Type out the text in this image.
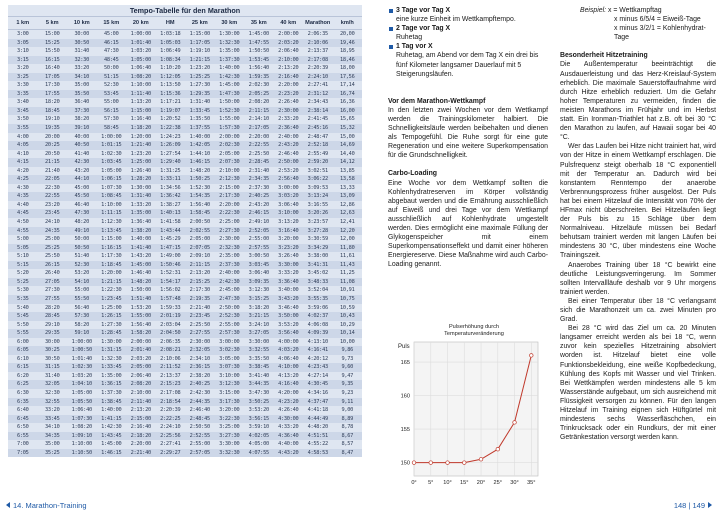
Tempo-Tabelle für den Marathon
1 km	5 km	10 km	15 km	20 km	HM	25 km	30 km	35 km	40 km	Marathon	km/h
3:00	15:00	30:00	45:00	1:00:00	1:03:18	1:15:00	1:30:00	1:45:00	2:00:00	2:06:35	20,00
3:05	15:25	30:50	46:15	1:01:40	1:05:03	1:17:05	1:32:30	1:47:55	2:03:20	2:10:06	19,46
3:10	15:50	31:40	47:30	1:03:20	1:06:49	1:19:10	1:35:00	1:50:50	2:06:40	2:13:37	18,95
3:15	16:15	32:30	48:45	1:05:00	1:08:34	1:21:15	1:37:30	1:53:45	2:10:00	2:17:08	18,46
3:20	16:40	33:20	50:00	1:06:40	1:10:20	1:23:20	1:40:00	1:56:40	2:13:20	2:20:39	18,00
3:25	17:05	34:10	51:15	1:08:20	1:12:05	1:25:25	1:42:30	1:59:35	2:16:40	2:24:10	17,56
3:30	17:30	35:00	52:30	1:10:00	1:13:50	1:27:30	1:45:00	2:02:30	2:20:00	2:27:41	17,14
3:35	17:55	35:50	53:45	1:11:40	1:15:36	1:29:35	1:47:30	2:05:25	2:23:20	2:31:12	16,74
3:40	18:20	36:40	55:00	1:13:20	1:17:21	1:31:40	1:50:00	2:08:20	2:26:40	2:34:43	16,36
3:45	18:45	37:30	56:15	1:15:00	1:19:07	1:33:45	1:52:30	2:11:15	2:30:00	2:38:14	16,00
3:50	19:10	38:20	57:30	1:16:40	1:20:52	1:35:50	1:55:00	2:14:10	2:33:20	2:41:45	15,65
3:55	19:35	39:10	58:45	1:18:20	1:22:38	1:37:55	1:57:30	2:17:05	2:36:40	2:45:16	15,32
4:00	20:00	40:00	1:00:00	1:20:00	1:24:23	1:40:00	2:00:00	2:20:00	2:40:00	2:48:47	15,00
4:05	20:25	40:50	1:01:15	1:21:40	1:26:09	1:42:05	2:02:30	2:22:55	2:43:20	2:52:18	14,69
4:10	20:50	41:40	1:02:30	1:23:20	1:27:54	1:44:10	2:05:00	2:25:50	2:46:40	2:55:49	14,40
4:15	21:15	42:30	1:03:45	1:25:00	1:29:40	1:46:15	2:07:30	2:28:45	2:50:00	2:59:20	14,12
4:20	21:40	43:20	1:05:00	1:26:40	1:31:25	1:48:20	2:10:00	2:31:40	2:53:20	3:02:51	13,85
4:25	22:05	44:10	1:06:15	1:28:20	1:33:11	1:50:25	2:12:30	2:34:35	2:56:40	3:06:22	13,58
4:30	22:30	45:00	1:07:30	1:30:00	1:34:56	1:52:30	2:15:00	2:37:30	3:00:00	3:09:53	13,33
4:35	22:55	45:50	1:08:45	1:31:40	1:36:42	1:54:35	2:17:30	2:40:25	3:03:20	3:13:24	13,09
4:40	23:20	46:40	1:10:00	1:33:20	1:38:27	1:56:40	2:20:00	2:43:20	3:06:40	3:16:55	12,86
4:45	23:45	47:30	1:11:15	1:35:00	1:40:13	1:58:45	2:22:30	2:46:15	3:10:00	3:20:26	12,63
4:50	24:10	48:20	1:12:30	1:36:40	1:41:58	2:00:50	2:25:00	2:49:10	3:13:20	3:23:57	12,41
4:55	24:35	49:10	1:13:45	1:38:20	1:43:44	2:02:55	2:27:30	2:52:05	3:16:40	3:27:28	12,20
5:00	25:00	50:00	1:15:00	1:40:00	1:45:29	2:05:00	2:30:00	2:55:00	3:20:00	3:30:59	12,00
5:05	25:25	50:50	1:16:15	1:41:40	1:47:15	2:07:05	2:32:30	2:57:55	3:23:20	3:34:29	11,80
5:10	25:50	51:40	1:17:30	1:43:20	1:49:00	2:09:10	2:35:00	3:00:50	3:26:40	3:38:00	11,61
5:15	26:15	52:30	1:18:45	1:45:00	1:50:46	2:11:15	2:37:30	3:03:45	3:30:00	3:41:31	11,43
5:20	26:40	53:20	1:20:00	1:46:40	1:52:31	2:13:20	2:40:00	3:06:40	3:33:20	3:45:02	11,25
5:25	27:05	54:10	1:21:15	1:48:20	1:54:17	2:15:25	2:42:30	3:09:35	3:36:40	3:48:33	11,08
5:30	27:30	55:00	1:22:30	1:50:00	1:56:02	2:17:30	2:45:00	3:12:30	3:40:00	3:52:04	10,91
5:35	27:55	55:50	1:23:45	1:51:40	1:57:48	2:19:35	2:47:30	3:15:25	3:43:20	3:55:35	10,75
5:40	28:20	56:40	1:25:00	1:53:20	1:59:33	2:21:40	2:50:00	3:18:20	3:46:40	3:59:06	10,59
5:45	28:45	57:30	1:26:15	1:55:00	2:01:19	2:23:45	2:52:30	3:21:15	3:50:00	4:02:37	10,43
5:50	29:10	58:20	1:27:30	1:56:40	2:03:04	2:25:50	2:55:00	3:24:10	3:53:20	4:06:08	10,29
5:55	29:35	59:10	1:28:45	1:58:20	2:04:50	2:27:55	2:57:30	3:27:05	3:56:40	4:09:39	10,14
6:00	30:00	1:00:00	1:30:00	2:00:00	2:06:35	2:30:00	3:00:00	3:30:00	4:00:00	4:13:10	10,00
6:05	30:25	1:00:50	1:31:15	2:01:40	2:08:21	2:32:05	3:02:30	3:32:55	4:03:20	4:16:41	9,86
6:10	30:50	1:01:40	1:32:30	2:03:20	2:10:06	2:34:10	3:05:00	3:35:50	4:06:40	4:20:12	9,73
6:15	31:15	1:02:30	1:33:45	2:05:00	2:11:52	2:36:15	3:07:30	3:38:45	4:10:00	4:23:43	9,60
6:20	31:40	1:03:20	1:35:00	2:06:40	2:13:37	2:38:20	3:10:00	3:41:40	4:13:20	4:27:14	9,47
6:25	32:05	1:04:10	1:36:15	2:08:20	2:15:23	2:40:25	3:12:30	3:44:35	4:16:40	4:30:45	9,35
6:30	32:30	1:05:00	1:37:30	2:10:00	2:17:08	2:42:30	3:15:00	3:47:30	4:20:00	4:34:16	9,23
6:35	32:55	1:05:50	1:38:45	2:11:40	2:18:54	2:44:35	3:17:30	3:50:25	4:23:20	4:37:47	9,11
6:40	33:20	1:06:40	1:40:00	2:13:20	2:20:39	2:46:40	3:20:00	3:53:20	4:26:40	4:41:18	9,00
6:45	33:45	1:07:30	1:41:15	2:15:00	2:22:25	2:48:45	3:22:30	3:56:15	4:30:00	4:44:49	8,89
6:50	34:10	1:08:20	1:42:30	2:16:40	2:24:10	2:50:50	3:25:00	3:59:10	4:33:20	4:48:20	8,78
6:55	34:35	1:09:10	1:43:45	2:18:20	2:25:56	2:52:55	3:27:30	4:02:05	4:36:40	4:51:51	8,67
7:00	35:00	1:10:00	1:45:00	2:20:00	2:27:41	2:55:00	3:30:00	4:05:00	4:40:00	4:55:22	8,57
7:05	35:25	1:10:50	1:46:15	2:21:40	2:29:27	2:57:05	3:32:30	4:07:55	4:43:20	4:58:53	8,47
14. Marathon-Training
3 Tage vor Tag X
eine kurze Einheit im Wettkampftempo.
2 Tage vor Tag X
Ruhetag
1 Tag vor X
Ruhetag, am Abend vor dem Tag X ein drei bis fünf Kilometer langsamer Dauerlauf mit 5 Steigerungsläufen.
Vor dem Marathon-Wettkampf
In den letzten zwei Wochen vor dem Wettkampf werden die Trainingskilometer halbiert. Die Schnelligkeitsläufe werden beibehalten und dienen als Tempogefühl. Die Ruhe sorgt für eine gute Regeneration und eine weitere Superkompensation für die Grundschnelligkeit.
Carbo-Loading
Eine Woche vor dem Wettkampf sollten die Kohlenhydratreserven im Körper vollständig abgebaut werden und die Ernährung ausschließlich auf Eiweiß und drei Tage vor dem Wettkampf ausschließlich auf Kohlenhydrate umgestellt werden. Dies ermöglicht eine maximale Füllung der Glykogenspeicher mit einem Superkompensationseffekt und damit einer höheren Energiereserve. Diese Maßnahme wird auch Carbo-Loading genannt.
Pulserhöhung durch
Temperaturveränderung
Puls
150
155
160
165
0° 5° 10° 15° 20° 25° 30° 35°
Beispiel: x = Wettkampftag
x minus 6/5/4 = Eiweiß-Tage
x minus 3/2/1 = Kohlenhydrat-Tage
Besonderheit Hitzetraining
Die Außentemperatur beeinträchtigt die Ausdauerleistung und das Herz-Kreislauf-System erheblich. Die maximale Sauerstoffaufnahme wird durch Hitze erheblich reduziert. Um die Gefahr hoher Temperaturen zu vermeiden, finden die meisten Marathons im Frühjahr und im Herbst statt. Ein Ironman-Triathlet hat z.B. oft bei 30 °C den Marathon zu laufen, auf Hawaii sogar bei 40 °C.
Wer das Laufen bei Hitze nicht trainiert hat, wird von der Hitze in einem Wettkampf erschlagen. Die Pulsfrequenz steigt oberhalb 18 °C exponentiell mit der Temperatur an. Dadurch wird bei konstantem Renntempo der anaerobe Verbrennungsprozess früher ausgelöst. Der Puls hat bei einem Hitzelauf die Intensität von 70% der HFmax nicht überschreiten. Bei Hitzeläufen liegt der Puls bis zu 15 Schläge über dem Normalniveau. Hitzeläufe müssen bei Bedarf behutsam trainiert werden mit langen Läufen bei mindestens 30 °C, über mindestens eine Woche Trainingszeit.
Anaerobes Training über 18 °C bewirkt eine deutliche Leistungsverringerung. Im Sommer sollten Intervallläufe deshalb vor 9 Uhr morgens trainiert werden.
Bei einer Temperatur über 18 °C verlangsamt sich die Marathonzeit um ca. zwei Minuten pro Grad.
Bei 28 °C wird das Ziel um ca. 20 Minuten langsamer erreicht werden als bei 18 °C, wenn zuvor kein spezielles Hitzetraining absolviert worden ist. Hitzelauf bietet eine volle Funktionsbekleidung, eine weiße Kopfbedeckung, Kühlung des Kopfs mit Wasser und viel Trinken. Bei Wettkämpfen werden mindestens alle 5 km Wasserstände aufgebaut, um sich ausreichend mit Flüssigkeit versorgen zu können. Für den langen Hitzelauf im Training eignen sich Hüftgürtel mit mindestens sechs Wasserfläschchen, ein Trinkrucksack oder ein Rundkurs, der mit einer Getränkestation versorgt werden kann.
148 | 149
